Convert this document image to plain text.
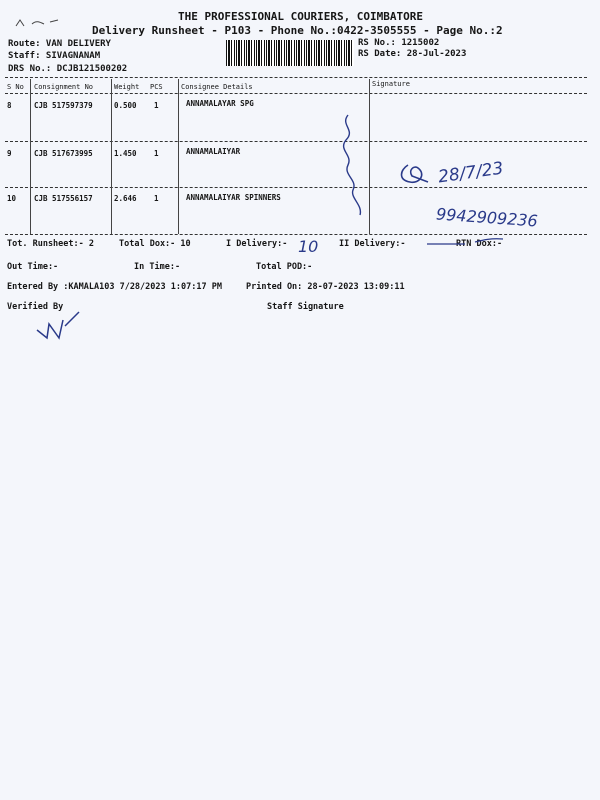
THE PROFESSIONAL COURIERS, COIMBATORE
Delivery Runsheet - P103 - Phone No.:0422-3505555 - Page No.:2
Route: VAN DELIVERY
Staff: SIVAGNANAM
DRS No.: DCJB121500202
RS No.: 1215002
RS Date: 28-Jul-2023
S No Consignment No	Weight PCS	Consignee Details	Signature
8	CJB 517597379	0.500 1	ANNAMALAYAR SPG
9	CJB 517673995	1.450 1	ANNAMALAIYAR
10 CJB 517556157	2.646 1	ANNAMALAIYAR SPINNERS
Tot. Runsheet:- 2	Total Dox:- 10	I Delivery:-	II Delivery:-	RTN Dox:-
Out Time:-	In Time:-	Total POD:-
Entered By :KAMALA103 7/28/2023 1:07:17 PM	Printed On: 28-07-2023 13:09:11
Verified By	Staff Signature
10
28/7/23
9942909236
